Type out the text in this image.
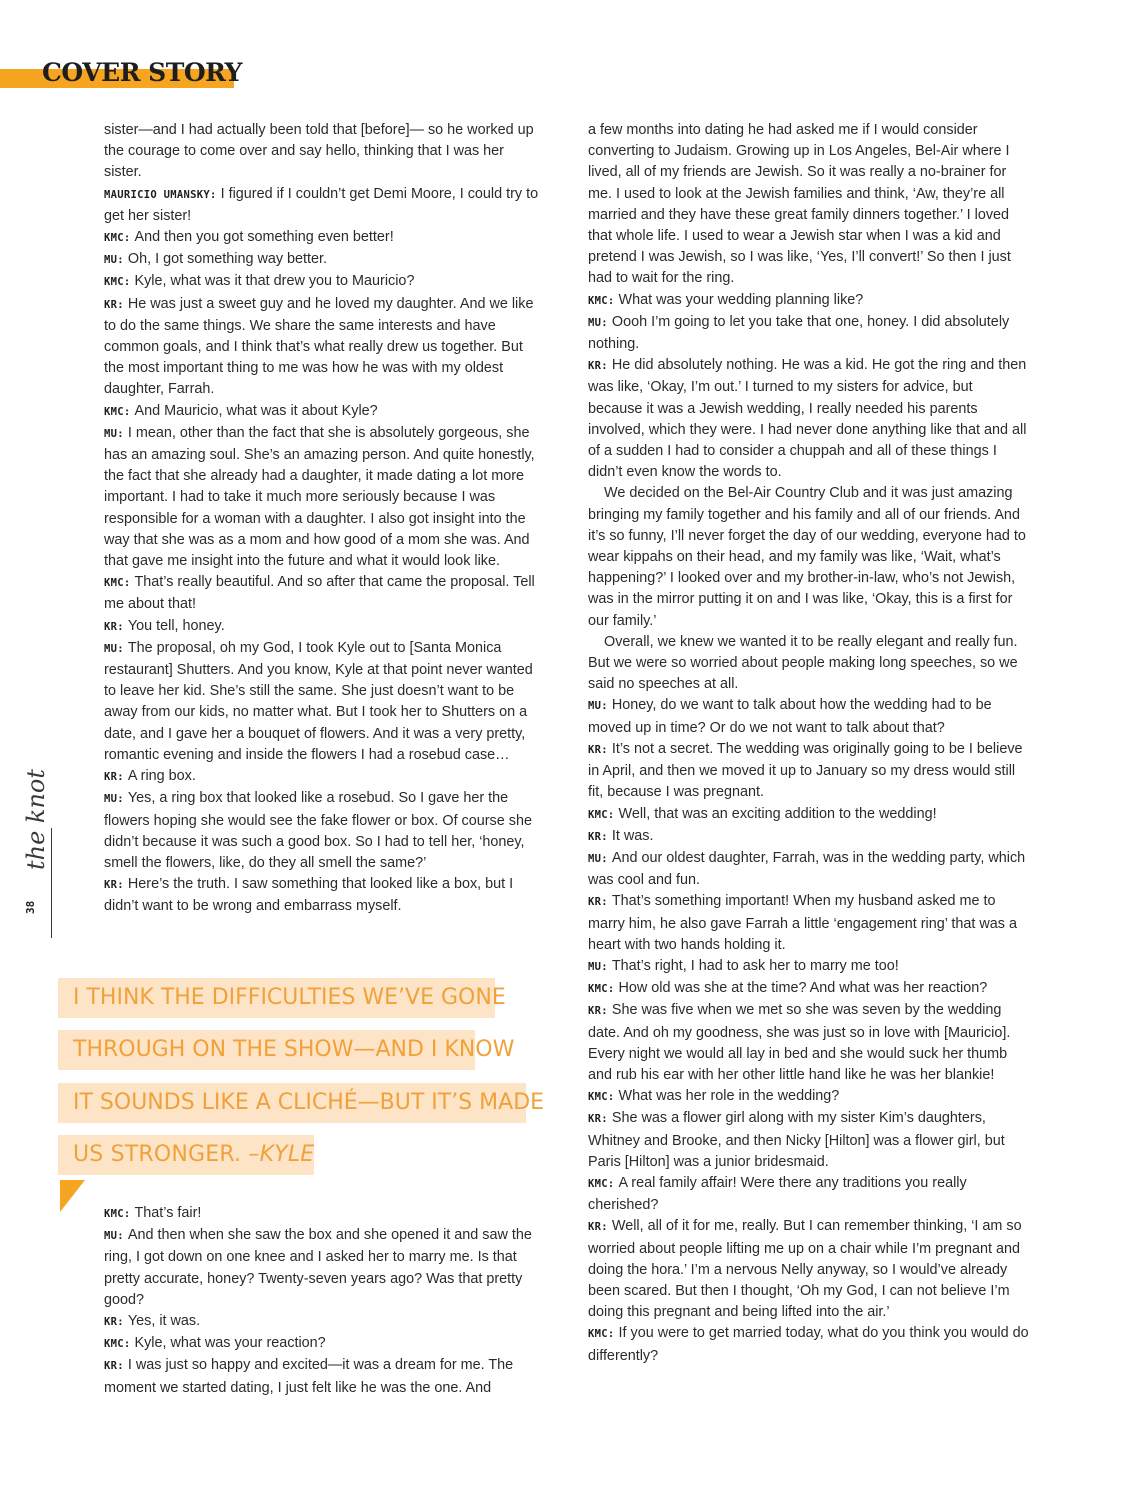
COVER STORY

sister—and I had actually been told that [before]— so he worked up the courage to come over and say hello, thinking that I was her sister.

MAURICIO UMANSKY: I figured if I couldn’t get Demi Moore, I could try to get her sister!

KMC: And then you got something even better!

MU: Oh, I got something way better.

KMC: Kyle, what was it that drew you to Mauricio?

KR: He was just a sweet guy and he loved my daughter. And we like to do the same things. We share the same interests and have common goals, and I think that’s what really drew us together. But the most important thing to me was how he was with my oldest daughter, Farrah.

KMC: And Mauricio, what was it about Kyle?

MU: I mean, other than the fact that she is absolutely gorgeous, she has an amazing soul. She’s an amazing person. And quite honestly, the fact that she already had a daughter, it made dating a lot more important. I had to take it much more seriously because I was responsible for a woman with a daughter. I also got insight into the way that she was as a mom and how good of a mom she was. And that gave me insight into the future and what it would look like.

KMC: That’s really beautiful. And so after that came the proposal. Tell me about that!

KR: You tell, honey.

MU: The proposal, oh my God, I took Kyle out to [Santa Monica restaurant] Shutters. And you know, Kyle at that point never wanted to leave her kid. She’s still the same. She just doesn’t want to be away from our kids, no matter what. But I took her to Shutters on a date, and I gave her a bouquet of flowers. And it was a very pretty, romantic evening and inside the flowers I had a rosebud case…

KR: A ring box.

MU: Yes, a ring box that looked like a rosebud. So I gave her the flowers hoping she would see the fake flower or box. Of course she didn’t because it was such a good box. So I had to tell her, ‘honey, smell the flowers, like, do they all smell the same?’

KR: Here’s the truth. I saw something that looked like a box, but I didn’t want to be wrong and embarrass myself.

I THINK THE DIFFICULTIES WE’VE GONE
THROUGH ON THE SHOW—AND I KNOW
IT SOUNDS LIKE A CLICHÉ—BUT IT’S MADE
US STRONGER. –KYLE

KMC: That’s fair!

MU: And then when she saw the box and she opened it and saw the ring, I got down on one knee and I asked her to marry me. Is that pretty accurate, honey? Twenty-seven years ago? Was that pretty good?

KR: Yes, it was.

KMC: Kyle, what was your reaction?

KR: I was just so happy and excited—it was a dream for me. The moment we started dating, I just felt like he was the one. And

a few months into dating he had asked me if I would consider converting to Judaism. Growing up in Los Angeles, Bel-Air where I lived, all of my friends are Jewish. So it was really a no-brainer for me. I used to look at the Jewish families and think, ‘Aw, they’re all married and they have these great family dinners together.’ I loved that whole life. I used to wear a Jewish star when I was a kid and pretend I was Jewish, so I was like, ‘Yes, I’ll convert!’ So then I just had to wait for the ring.

KMC: What was your wedding planning like?

MU: Oooh I’m going to let you take that one, honey. I did absolutely nothing.

KR: He did absolutely nothing. He was a kid. He got the ring and then was like, ‘Okay, I’m out.’ I turned to my sisters for advice, but because it was a Jewish wedding, I really needed his parents involved, which they were. I had never done anything like that and all of a sudden I had to consider a chuppah and all of these things I didn’t even know the words to.

We decided on the Bel-Air Country Club and it was just amazing bringing my family together and his family and all of our friends. And it’s so funny, I’ll never forget the day of our wedding, everyone had to wear kippahs on their head, and my family was like, ‘Wait, what’s happening?’ I looked over and my brother-in-law, who’s not Jewish, was in the mirror putting it on and I was like, ‘Okay, this is a first for our family.’

Overall, we knew we wanted it to be really elegant and really fun. But we were so worried about people making long speeches, so we said no speeches at all.

MU: Honey, do we want to talk about how the wedding had to be moved up in time? Or do we not want to talk about that?

KR: It’s not a secret. The wedding was originally going to be I believe in April, and then we moved it up to January so my dress would still fit, because I was pregnant.

KMC: Well, that was an exciting addition to the wedding!

KR: It was.

MU: And our oldest daughter, Farrah, was in the wedding party, which was cool and fun.

KR: That’s something important! When my husband asked me to marry him, he also gave Farrah a little ‘engagement ring’ that was a heart with two hands holding it.

MU: That’s right, I had to ask her to marry me too!

KMC: How old was she at the time? And what was her reaction?

KR: She was five when we met so she was seven by the wedding date. And oh my goodness, she was just so in love with [Mauricio]. Every night we would all lay in bed and she would suck her thumb and rub his ear with her other little hand like he was her blankie!

KMC: What was her role in the wedding?

KR: She was a flower girl along with my sister Kim’s daughters, Whitney and Brooke, and then Nicky [Hilton] was a flower girl, but Paris [Hilton] was a junior bridesmaid.

KMC: A real family affair! Were there any traditions you really cherished?

KR: Well, all of it for me, really. But I can remember thinking, ‘I am so worried about people lifting me up on a chair while I’m pregnant and doing the hora.’ I’m a nervous Nelly anyway, so I would’ve already been scared. But then I thought, ‘Oh my God, I can not believe I’m doing this pregnant and being lifted into the air.’

KMC: If you were to get married today, what do you think you would do differently?

the knot
38
